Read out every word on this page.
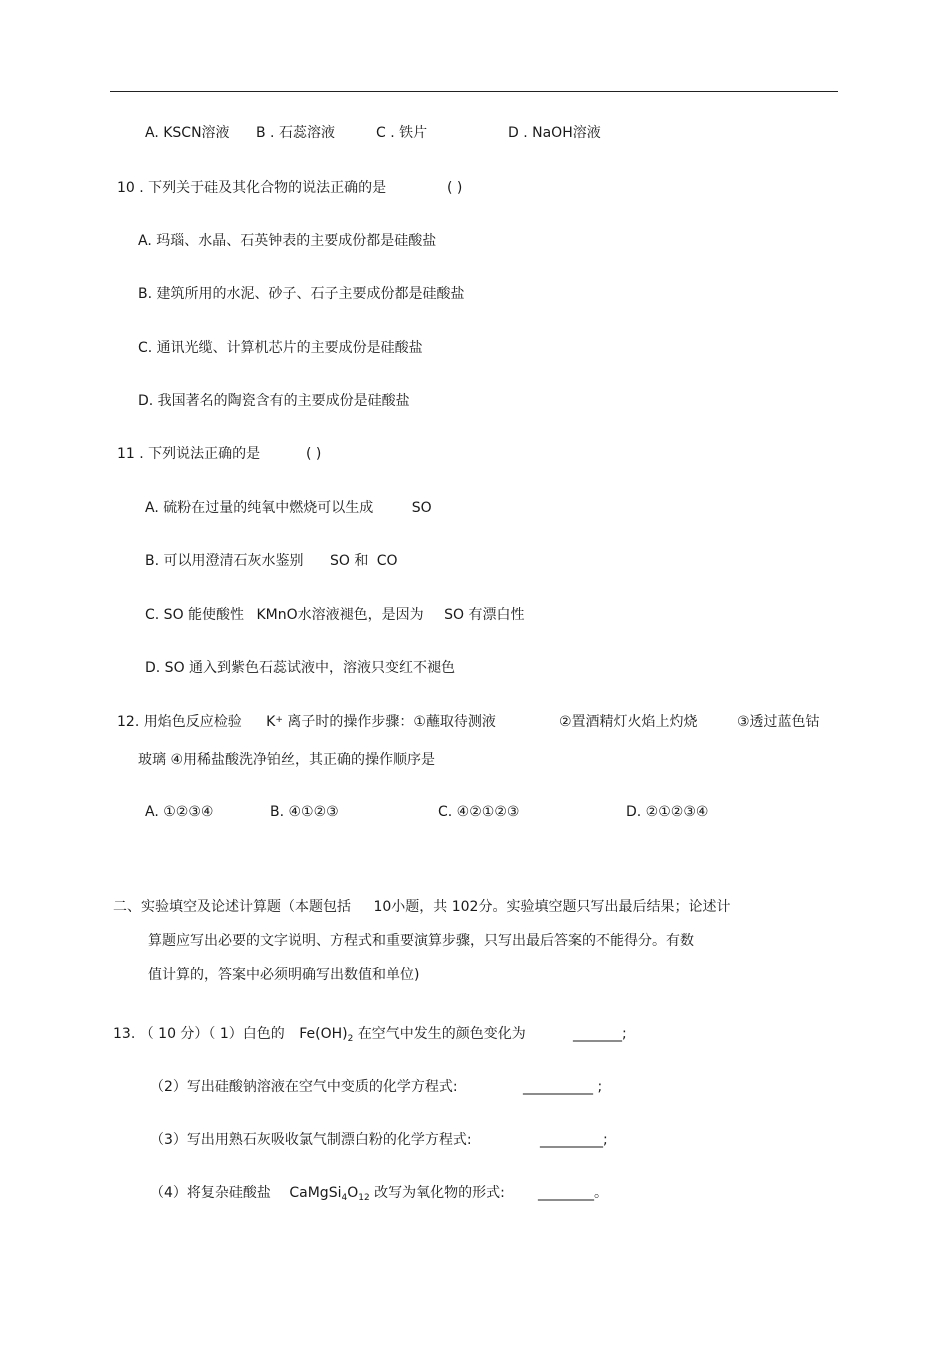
A. KSCN溶液 B . 石蕊溶液	C . 铁片	D . NaOH溶液
10 . 下列关于硅及其化合物的说法正确的是	( )
A. 玛瑙、水晶、石英钟表的主要成份都是硅酸盐
B. 建筑所用的水泥、砂子、石子主要成份都是硅酸盐
C. 通讯光缆、计算机芯片的主要成份是硅酸盐
D. 我国著名的陶瓷含有的主要成份是硅酸盐
11 . 下列说法正确的是	( )
A. 硫粉在过量的纯氧中燃烧可以生成	SO
B. 可以用澄清石灰水鉴别 SO 和 CO
C. SO 能使酸性 KMnO水溶液褪色，是因为 SO 有漂白性
D. SO 通入到紫色石蕊试液中，溶液只变红不褪色
12. 用焰色反应检验 K+ 离子时的操作步骤：①蘸取待测液	②置酒精灯火焰上灼烧	③透过蓝色钴
玻璃 ④用稀盐酸洗净铂丝，其正确的操作顺序是
A. ①②③④	B. ④①②③	C. ④②①②③	D. ②①②③④
二、实验填空及论述计算题（本题包括 10小题，共 102分。实验填空题只写出最后结果；论述计
算题应写出必要的文字说明、方程式和重要演算步骤，只写出最后答案的不能得分。有数
值计算的，答案中必须明确写出数值和单位)
13. （ 10 分）（ 1）白色的 $Fe(OH)_2$ 在空气中发生的颜色变化为	_______;
（2）写出硅酸钠溶液在空气中变质的化学方程式:	__________ ;
（3）写出用熟石灰吸收氯气制漂白粉的化学方程式:	_________;
（4）将复杂硅酸盐 $CaMgSi_4O_{12}$ 改写为氧化物的形式: ________。
